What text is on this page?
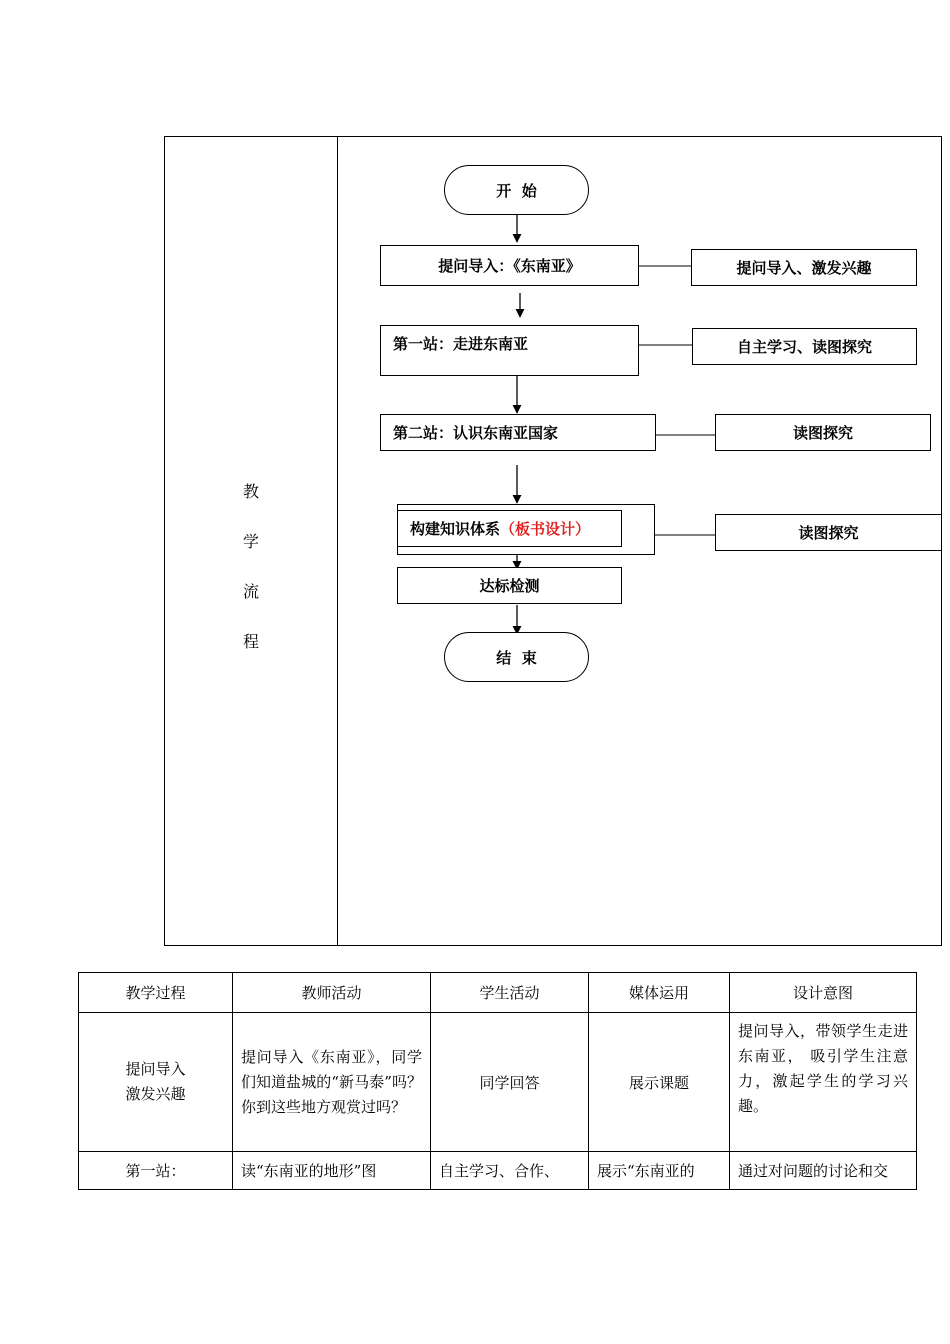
教
学
流
程
开  始
提问导入：《东南亚》	提问导入、激发兴趣
第一站：走进东南亚	自主学习、读图探究
第二站：认识东南亚国家	读图探究
构建知识体系 （板书设计）	读图探究
达标检测
结  束
教学过程	教师活动	学生活动	媒体运用	设计意图
提问导入
激发兴趣	提问导入《东南亚》，同学们知道盐城的“新马泰”吗？你到这些地方观赏过吗？	同学回答	展示课题	提问导入，带领学生走进东南亚， 吸引学生注意力，激起学生的学习兴趣。
第一站：	读“东南亚的地形”图	自主学习、合作、	展示“东南亚的	通过对问题的讨论和交
